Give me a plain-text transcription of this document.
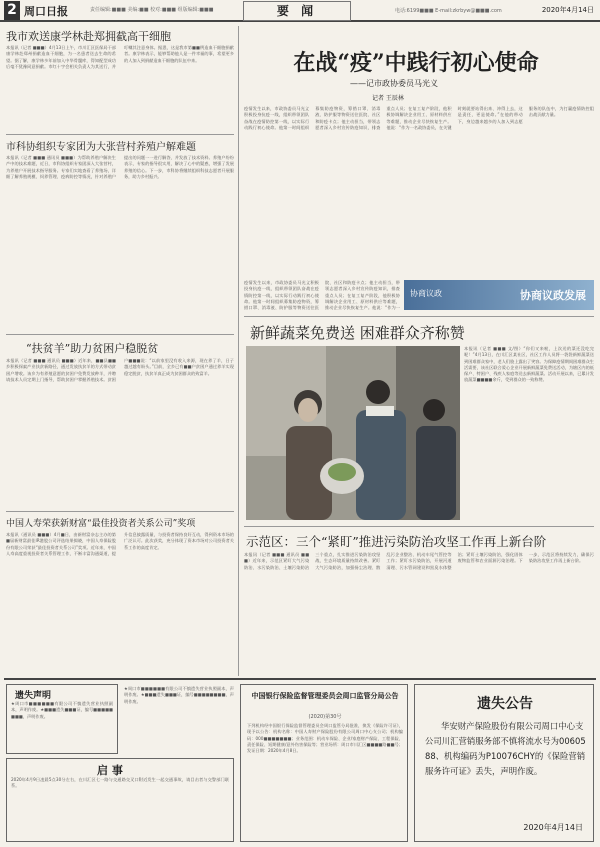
2 周口日报	责任编辑:■■■ 美编:■■ 校对:■■■ 组版编辑:■■■	要 闻	电话:6199■■■ E-mail:zkrbyw@■■■.com	2020年4月14日
我市欢送康学林赴郑拥截高干细胞
本报讯（记者 ■■■）4月13日上午，市川汇区医保局干部康学林赴郑州捐献造血干细胞，为一名患者送去生命的希望。据了解，康学林多年前加入中华骨髓库，得知配型成功后毫不犹豫同意捐献。市红十字会相关负责人为其送行，并叮嘱其注意身体。据悉，这是我市第■■例造血干细胞捐献者。康学林表示，能够帮助他人是一件幸福的事，希望更多的人加入到捐献造血干细胞的队伍中来。
市科协组织专家团为大张营村养殖户解难题
本报讯（记者 ■■■ 通讯员 ■■■）为帮助养殖户解决生产中的技术难题，近日，市科协组织专家团深入大张营村，为养殖户开展技术指导服务。专家们实地查看了养殖场，详细了解养殖规模、饲养管理、疫病防控等情况，针对养殖户提出的问题一一进行解答，并发放了技术资料。养殖户纷纷表示，专家的指导很实用，解决了心中的疑惑，增强了发展养殖的信心。下一步，市科协将继续组织科技志愿者开展服务，助力乡村振兴。
“扶贫羊”助力贫困户稳脱贫
本报讯（记者 ■■■ 通讯员 ■■■）近年来，■■县■■乡积极探索产业扶贫新路径，通过发放扶贫羊的方式带动贫困户增收。该乡为有养殖意愿的贫困户免费发放种羊，并聘请技术人员定期上门指导，帮助贫困户掌握养殖技术。贫困户■■■说：“以前家里没有收入来源，现在养了羊，日子越过越有盼头。”目前，全乡已有■■户贫困户通过养羊实现稳定脱贫，扶贫羊真正成为贫困群众的致富羊。
中国人寿荣获新财富“最佳投资者关系公司”奖项
本报讯（通讯员 ■■■）4月■日，由新财富杂志主办的第■届新财富最佳IR港股公司评选结果揭晓，中国人寿保险股份有限公司荣获“最佳投资者关系公司”奖项。近年来，中国人寿高度重视投资者关系管理工作，不断丰富沟通渠道，提升信息披露质量，与投资者保持良好互动，得到资本市场的广泛认可。此次获奖，充分体现了资本市场对公司投资者关系工作的高度肯定。
在战“疫”中践行初心使命
——记市政协委员马光义
记者 王辰林
疫情发生以来，市政协委员马光义积极投身抗疫一线，组织带领团队奋战在疫情防控第一线，以实际行动践行初心使命。他第一时间组织募集防疫物资，筹措口罩、消毒液、防护服等物资送往医院、社区和防疫卡点；他主动担当，带领志愿者深入乡村宣传防疫知识，排查重点人员；在复工复产阶段，他积极协调解决企业用工、原材料供应等难题，推动企业尽快恢复生产。他说：“作为一名政协委员，在关键时刻就要站得出来、冲得上去，这是责任，更是使命。”在他的带动下，身边越来越多的人加入到志愿服务的队伍中，为打赢疫情防控阻击战贡献力量。
协商议政	协商议政发展
疫情发生以来，市政协委员马光义积极投身抗疫一线，组织带领团队奋战在疫情防控第一线，以实际行动践行初心使命。他第一时间组织募集防疫物资，筹措口罩、消毒液、防护服等物资送往医院、社区和防疫卡点；他主动担当，带领志愿者深入乡村宣传防疫知识，排查重点人员；在复工复产阶段，他积极协调解决企业用工、原材料供应等难题，推动企业尽快恢复生产。他说：“作为一
新鲜蔬菜免费送 困难群众齐称赞
本报讯（记者 ■■■ 文/图）“你们又来啦，上次送的菜还没吃完呢！”4月13日，在川汇区某社区，社区工作人员将一袋袋新鲜蔬菜送到困难群众家中，老人们脸上露出了笑容。为保障疫情期间困难群众生活需要，该社区联合爱心企业开展新鲜蔬菜免费送活动，为辖区内的低保户、特困户、残疾人家庭等送去新鲜蔬菜。活动开展以来，已累计发放蔬菜■■■■余斤，受到群众的一致称赞。
示范区：三个“紧盯”推进污染防治攻坚工作再上新台阶
本报讯（记者 ■■■ 通讯员 ■■■）近年来，示范区紧盯大气污染防治、水污染防治、土壤污染防治三个重点，扎实推进污染防治攻坚战，生态环境质量持续改善。紧盯大气污染防治，加强扬尘治理、散乱污企业整治、机动车尾气管控等工作；紧盯水污染防治，开展河道清理、污水管网建设和黑臭水体整治；紧盯土壤污染防治，强化固体废物监管和农业面源污染治理。下一步，示范区将持续发力，确保污染防治攻坚工作再上新台阶。
遗失声明
★周口市■■■■■■有限公司不慎遗失营业执照副本，声明作废。★■■■遗失■■■证，编号■■■■■■■■，声明作废。
★周口市■■■■■■有限公司不慎遗失营业执照副本，声明作废。★■■■遗失■■■证，编号■■■■■■■■，声明作废。
启 事
2020年4月9日凌晨5点30分左右，在川汇区七一路与交通路交叉口附近发生一起交通事故，请目击者与交警部门联系。
中国银行保险监督管理委员会周口监管分局公告
(2020)第30号
下列机构经中国银行保险监督管理委员会周口监管分局批准，换发《保险许可证》，现予以公告：机构名称：中国人寿财产保险股份有限公司周口中心支公司；机构编码：000■■■■■■■；业务范围：机动车保险、企业/家庭财产保险、工程保险、责任保险、短期健康/意外伤害保险等；营业场所：周口市川汇区■■■■路■■号；发证日期：2020年4月8日。
遗失公告
华安财产保险股份有限公司周口中心支公司川汇营销服务部不慎将流水号为0060588、机构编码为P10076CHY的《保险营销服务许可证》丢失，声明作废。
2020年4月14日
